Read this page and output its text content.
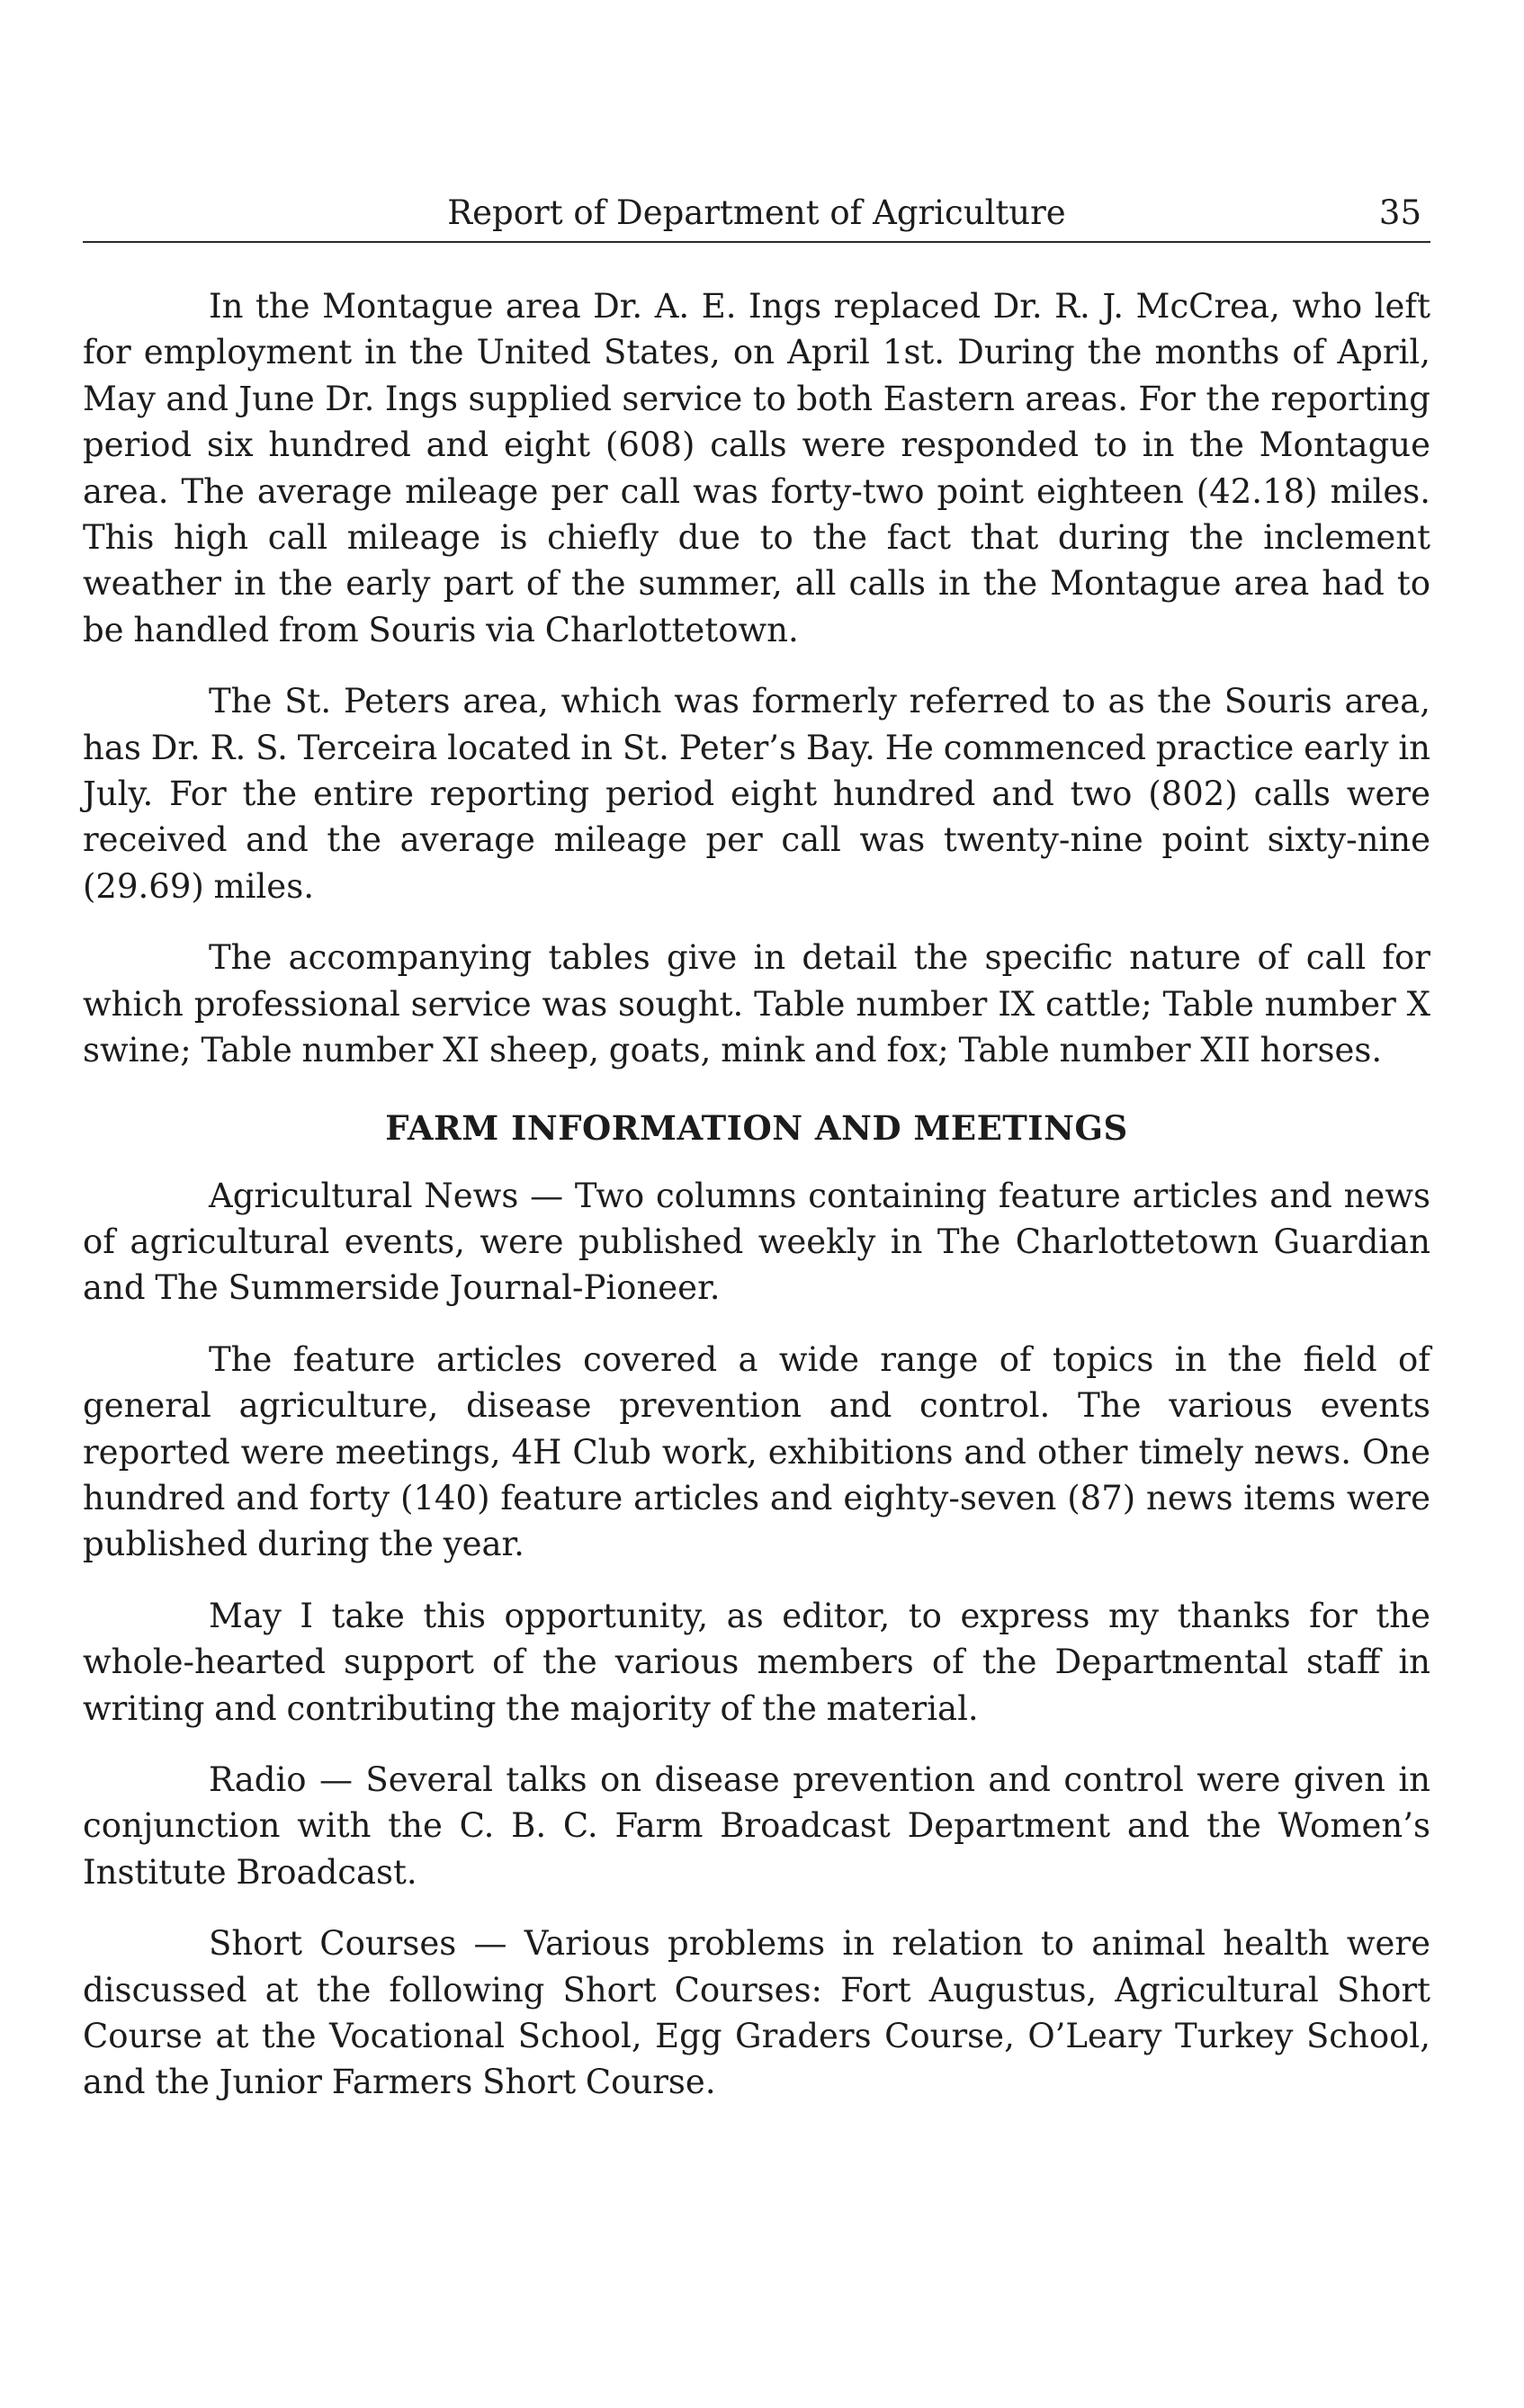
Report of Department of Agriculture	35

In the Montague area Dr. A. E. Ings replaced Dr. R. J. McCrea, who left for employment in the United States, on April 1st. During the months of April, May and June Dr. Ings supplied service to both Eastern areas. For the reporting period six hundred and eight (608) calls were responded to in the Montague area. The average mileage per call was forty-two point eighteen (42.18) miles. This high call mileage is chiefly due to the fact that during the inclement weather in the early part of the summer, all calls in the Montague area had to be handled from Souris via Charlottetown.

The St. Peters area, which was formerly referred to as the Souris area, has Dr. R. S. Terceira located in St. Peter’s Bay. He commenced practice early in July. For the entire reporting period eight hundred and two (802) calls were received and the average mileage per call was twenty-nine point sixty-nine (29.69) miles.

The accompanying tables give in detail the specific nature of call for which professional service was sought. Table number IX cattle; Table number X swine; Table number XI sheep, goats, mink and fox; Table number XII horses.

FARM INFORMATION AND MEETINGS

Agricultural News — Two columns containing feature articles and news of agricultural events, were published weekly in The Charlottetown Guardian and The Summerside Journal-Pioneer.

The feature articles covered a wide range of topics in the field of general agriculture, disease prevention and control. The various events reported were meetings, 4H Club work, exhibitions and other timely news. One hundred and forty (140) feature articles and eighty-seven (87) news items were published during the year.

May I take this opportunity, as editor, to express my thanks for the whole-hearted support of the various members of the Departmental staff in writing and contributing the majority of the material.

Radio — Several talks on disease prevention and control were given in conjunction with the C. B. C. Farm Broadcast Department and the Women’s Institute Broadcast.

Short Courses — Various problems in relation to animal health were discussed at the following Short Courses: Fort Augustus, Agricultural Short Course at the Vocational School, Egg Graders Course, O’Leary Turkey School, and the Junior Farmers Short Course.
